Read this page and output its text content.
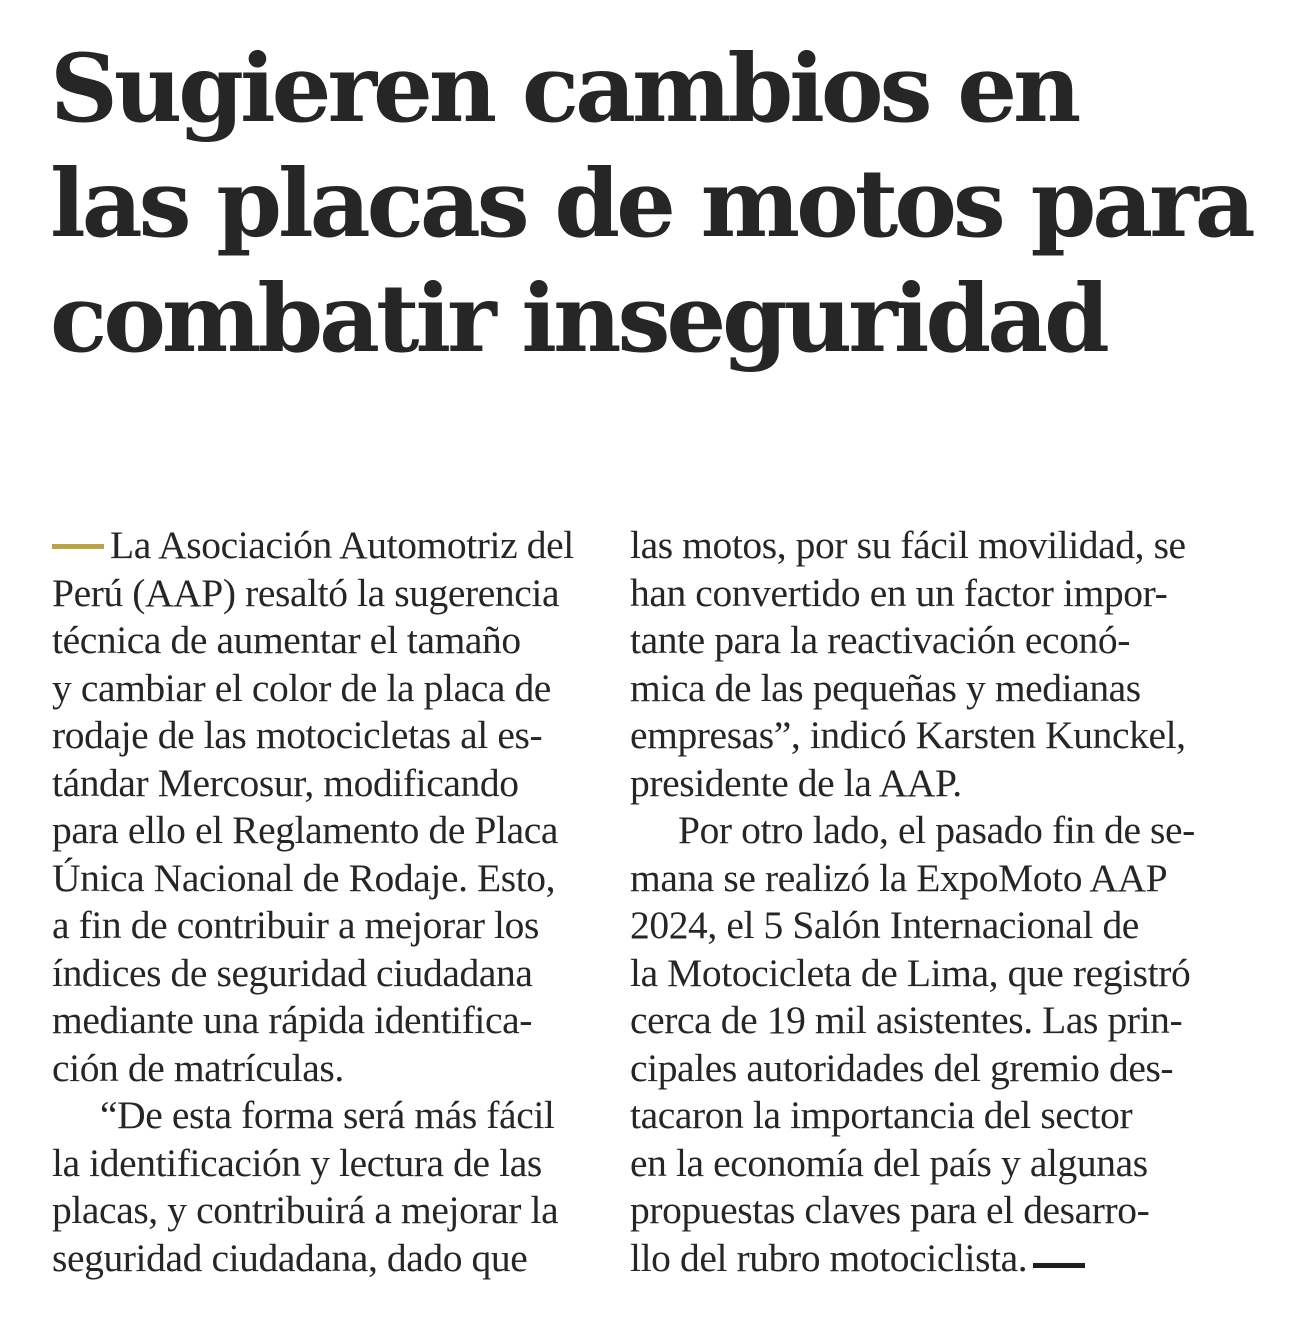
Sugieren cambios en
las placas de motos para
combatir inseguridad
La Asociación Automotriz del
Perú (AAP) resaltó la sugerencia
técnica de aumentar el tamaño
y cambiar el color de la placa de
rodaje de las motocicletas al es-
tándar Mercosur, modificando
para ello el Reglamento de Placa
Única Nacional de Rodaje. Esto,
a fin de contribuir a mejorar los
índices de seguridad ciudadana
mediante una rápida identifica-
ción de matrículas.
“De esta forma será más fácil
la identificación y lectura de las
placas, y contribuirá a mejorar la
seguridad ciudadana, dado que
las motos, por su fácil movilidad, se
han convertido en un factor impor-
tante para la reactivación econó-
mica de las pequeñas y medianas
empresas”, indicó Karsten Kunckel,
presidente de la AAP.
Por otro lado, el pasado fin de se-
mana se realizó la ExpoMoto AAP
2024, el 5 Salón Internacional de
la Motocicleta de Lima, que registró
cerca de 19 mil asistentes. Las prin-
cipales autoridades del gremio des-
tacaron la importancia del sector
en la economía del país y algunas
propuestas claves para el desarro-
llo del rubro motociclista.
